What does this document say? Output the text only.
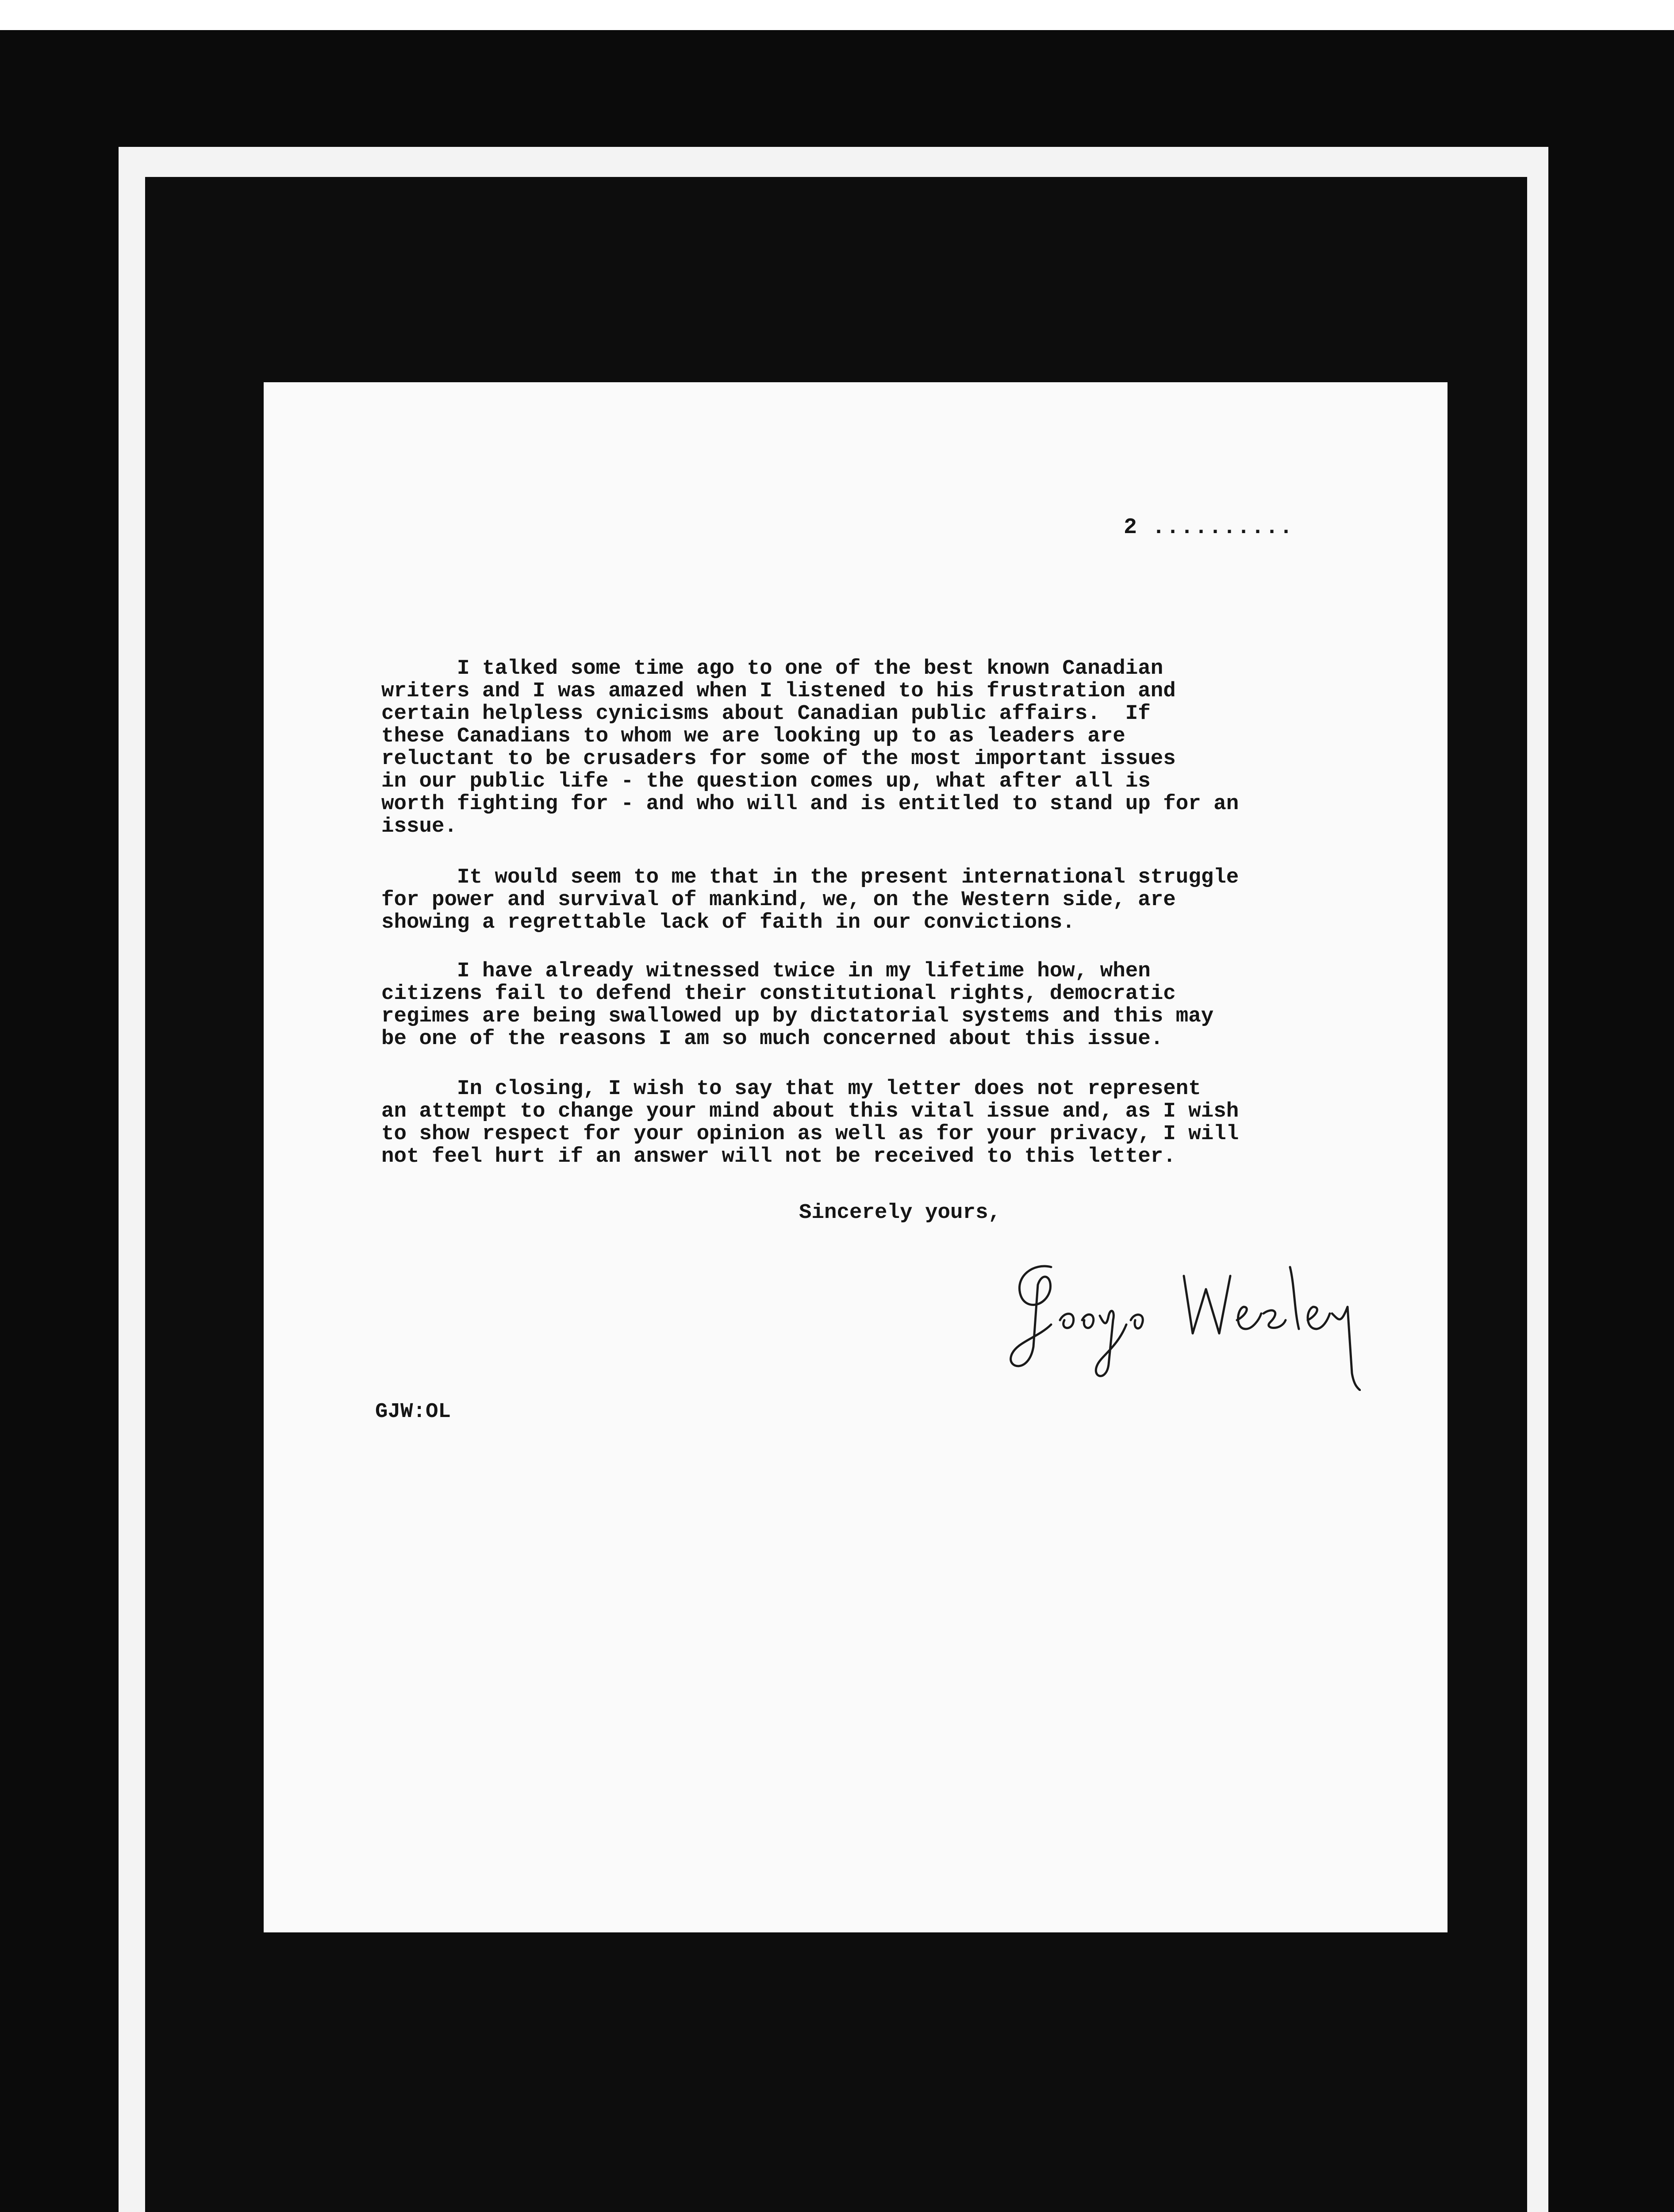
2 ..........

I talked some time ago to one of the best known Canadian
writers and I was amazed when I listened to his frustration and
certain helpless cynicisms about Canadian public affairs.  If
these Canadians to whom we are looking up to as leaders are
reluctant to be crusaders for some of the most important issues
in our public life - the question comes up, what after all is
worth fighting for - and who will and is entitled to stand up for an
issue.

It would seem to me that in the present international struggle
for power and survival of mankind, we, on the Western side, are
showing a regrettable lack of faith in our convictions.

I have already witnessed twice in my lifetime how, when
citizens fail to defend their constitutional rights, democratic
regimes are being swallowed up by dictatorial systems and this may
be one of the reasons I am so much concerned about this issue.

In closing, I wish to say that my letter does not represent
an attempt to change your mind about this vital issue and, as I wish
to show respect for your opinion as well as for your privacy, I will
not feel hurt if an answer will not be received to this letter.

Sincerely yours,
GJW:OL
